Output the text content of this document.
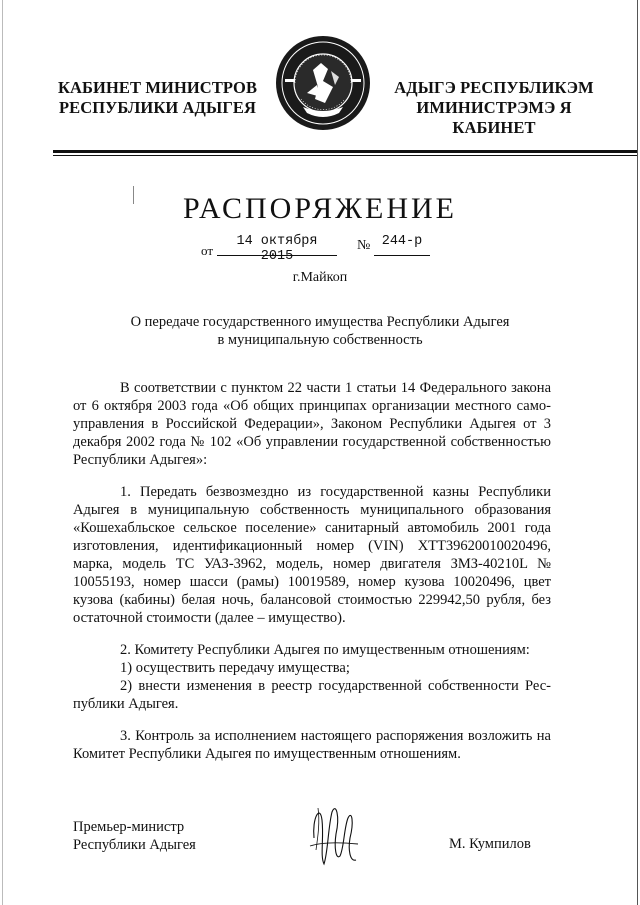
КАБИНЕТ МИНИСТРОВ
РЕСПУБЛИКИ АДЫГЕЯ
АДЫГЭ РЕСПУБЛИКЭМ
ИМИНИСТРЭМЭ Я КАБИНЕТ
РАСПОРЯЖЕНИЕ
от
14 октября 2015
№ 244-р
г.Майкоп
О передаче государственного имущества Республики Адыгея
в муниципальную собственность

В соответствии с пунктом 22 части 1 статьи 14 Федерального закона от 6 октября 2003 года «Об общих принципах организации местного самоуправления в Российской Федерации», Законом Республики Адыгея от 3 декабря 2002 года № 102 «Об управлении государственной собственностью Республики Адыгея»:

1. Передать безвозмездно из государственной казны Республики Адыгея в муниципальную собственность муниципального образования «Кошехабльское сельское поселение» санитарный автомобиль 2001 года изготовления, идентификационный номер (VIN) ХТТ39620010020496, марка, модель ТС УАЗ-3962, модель, номер двигателя ЗМЗ-40210L № 10055193, номер шасси (рамы) 10019589, номер кузова 10020496, цвет кузова (кабины) белая ночь, балансовой стоимостью 229942,50 рубля, без остаточной стоимости (далее – имущество).

2. Комитету Республики Адыгея по имущественным отношениям:

1) осуществить передачу имущества;

2) внести изменения в реестр государственной собственности Республики Адыгея.

3. Контроль за исполнением настоящего распоряжения возложить на Комитет Республики Адыгея по имущественным отношениям.

Премьер-министр
Республики Адыгея	М. Кумпилов
